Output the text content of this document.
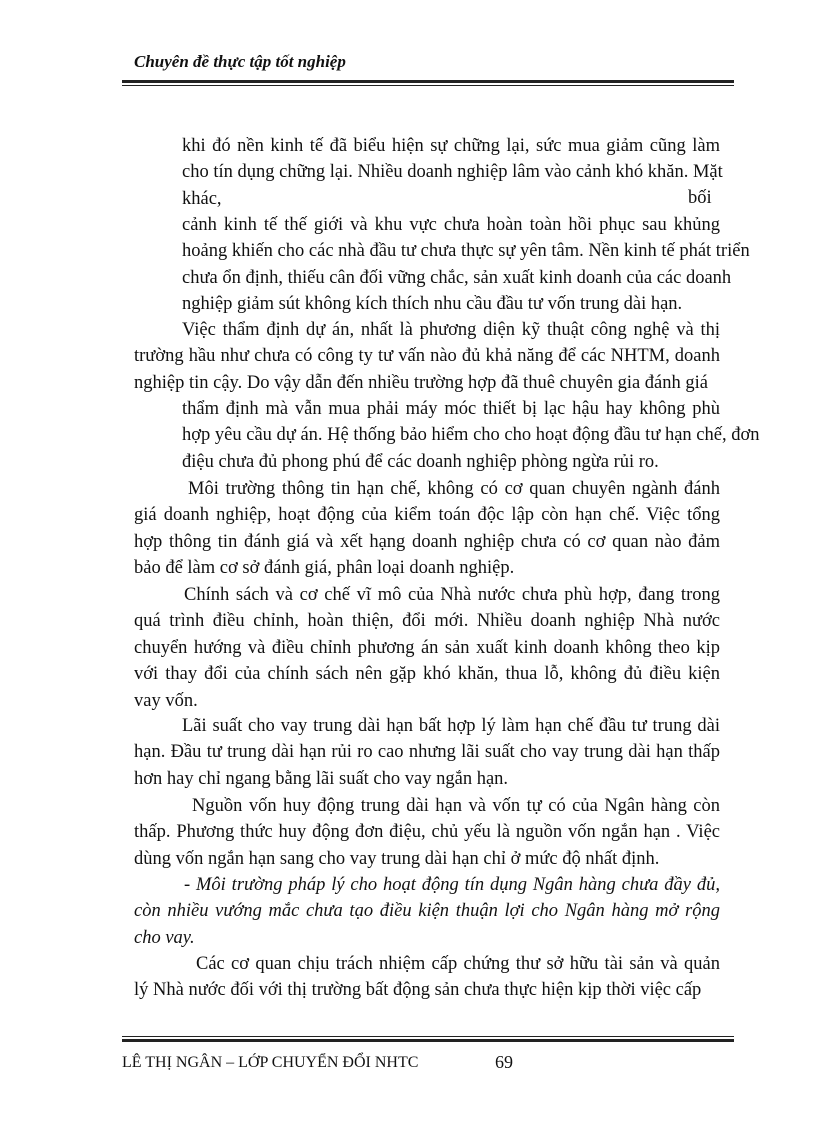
Chuyên đề thực tập tốt nghiệp
khi đó nền kinh tế đã biểu hiện sự chững lại, sức mua giảm cũng làm
cho tín dụng chững lại. Nhiều doanh nghiệp lâm vào cảnh khó khăn. Mặt
khác,	bối
cảnh kinh tế thế giới và khu vực chưa hoàn toàn hồi phục sau khủng
hoảng khiến cho các nhà đầu tư chưa thực sự yên tâm. Nền kinh tế phát triển
chưa ổn định, thiếu cân đối vững chắc, sản xuất kinh doanh của các doanh
nghiệp giảm sút không kích thích nhu cầu đầu tư vốn trung dài hạn.
Việc thẩm định dự án, nhất là phương diện kỹ thuật công nghệ và thị
trường hầu như chưa có công ty tư vấn nào đủ khả năng để các NHTM, doanh
nghiệp tin cậy. Do vậy dẫn đến nhiều trường hợp đã thuê chuyên gia đánh giá
thẩm định mà vẫn mua phải máy móc thiết bị lạc hậu hay không phù
hợp yêu cầu dự án. Hệ thống bảo hiểm cho cho hoạt động đầu tư hạn chế, đơn
điệu chưa đủ phong phú để các doanh nghiệp phòng ngừa rủi ro.
Môi trường thông tin hạn chế, không có cơ quan chuyên ngành đánh
giá doanh nghiệp, hoạt động của kiểm toán độc lập còn hạn chế. Việc tổng
hợp thông tin đánh giá và xết hạng doanh nghiệp chưa có cơ quan nào đảm
bảo để làm cơ sở đánh giá, phân loại doanh nghiệp.
Chính sách và cơ chế vĩ mô của Nhà nước chưa phù hợp, đang trong
quá trình điều chỉnh, hoàn thiện, đổi mới. Nhiều doanh nghiệp Nhà nước
chuyển hướng và điều chỉnh phương án sản xuất kinh doanh không theo kịp
với thay đổi của chính sách nên gặp khó khăn, thua lỗ, không đủ điều kiện
vay vốn.
Lãi suất cho vay trung dài hạn bất hợp lý làm hạn chế đầu tư trung dài
hạn. Đầu tư trung dài hạn rủi ro cao nhưng lãi suất cho vay trung dài hạn thấp
hơn hay chỉ ngang bằng lãi suất cho vay ngắn hạn.
Nguồn vốn huy động trung dài hạn và vốn tự có của Ngân hàng còn
thấp. Phương thức huy động đơn điệu, chủ yếu là nguồn vốn ngắn hạn . Việc
dùng vốn ngắn hạn sang cho vay trung dài hạn chỉ ở mức độ nhất định.
- Môi trường pháp lý cho hoạt động tín dụng Ngân hàng chưa đầy đủ,
còn nhiều vướng mắc chưa tạo điều kiện thuận lợi cho Ngân hàng mở rộng
cho vay.
Các cơ quan chịu trách nhiệm cấp chứng thư sở hữu tài sản và quản
lý Nhà nước đối với thị trường bất động sản chưa thực hiện kịp thời việc cấp
LÊ THỊ NGÂN – LỚP CHUYỂN ĐỔI NHTC	69
